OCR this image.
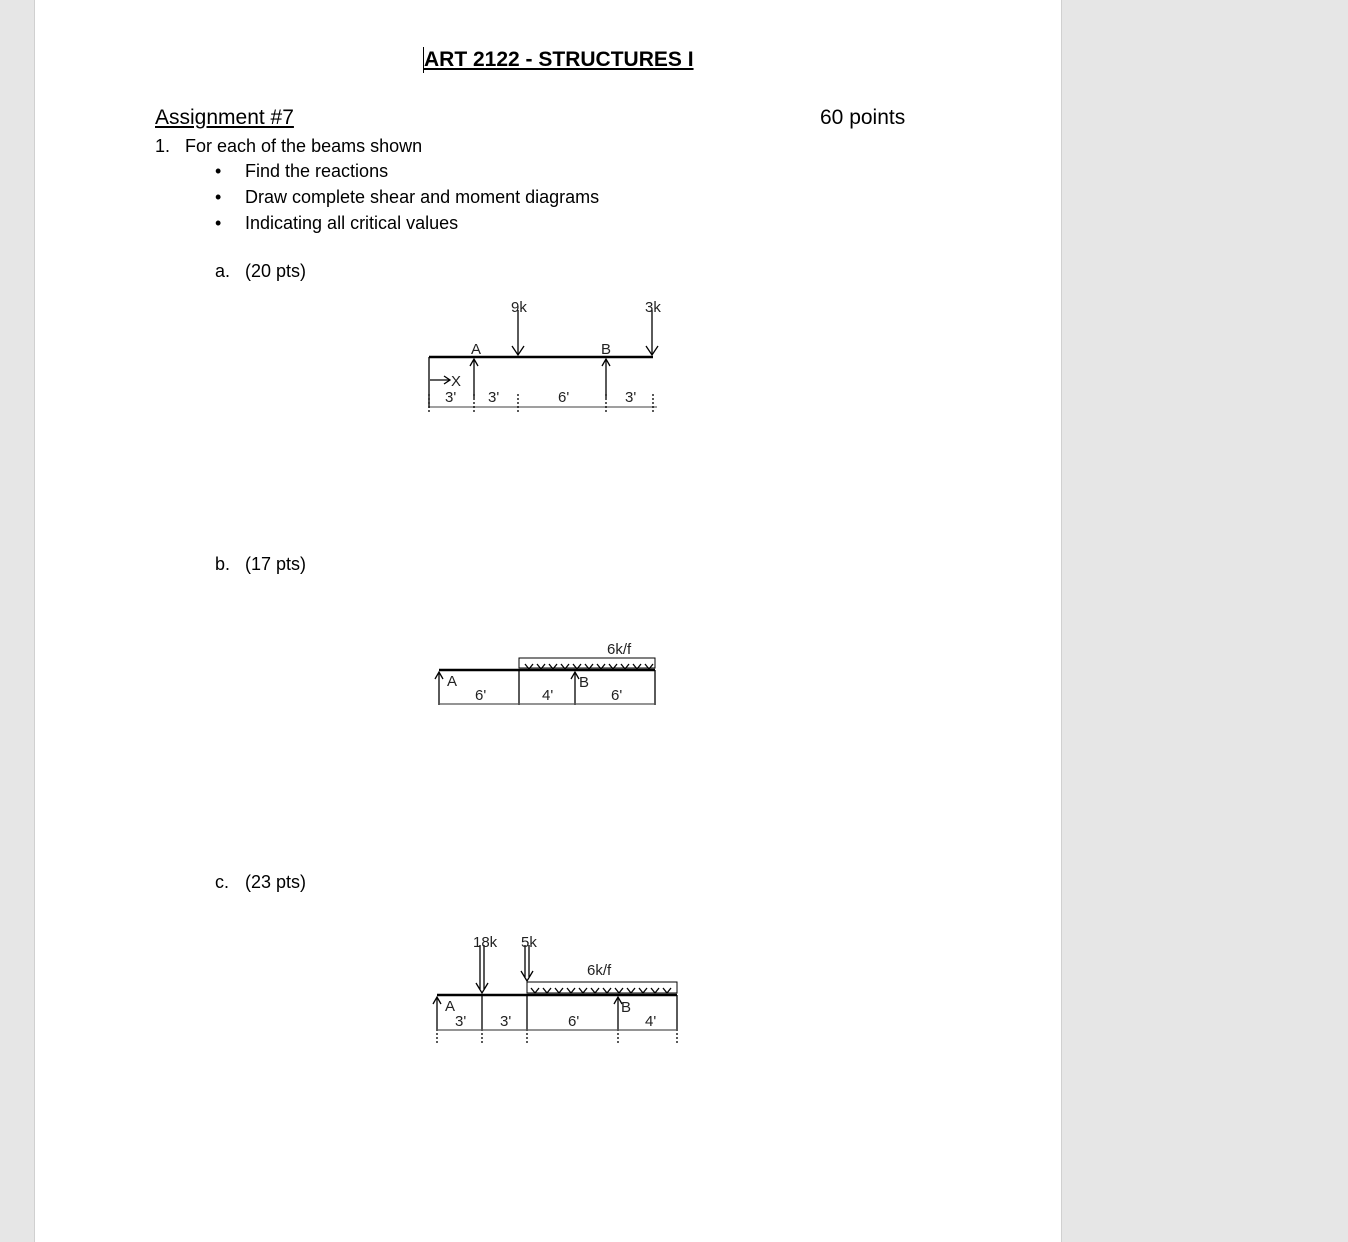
ART 2122 - STRUCTURES I
Assignment #7	60 points
1. For each of the beams shown
• Find the reactions
• Draw complete shear and moment diagrams
• Indicating all critical values
a. (20 pts)
9k	3k
A	B
X
3' 3'	6'	3'
b. (17 pts)
6k/f
A	B
6'	4'	6'
c. (23 pts)
18k 5k
6k/f
A	B
3' 3'	6'	4'
